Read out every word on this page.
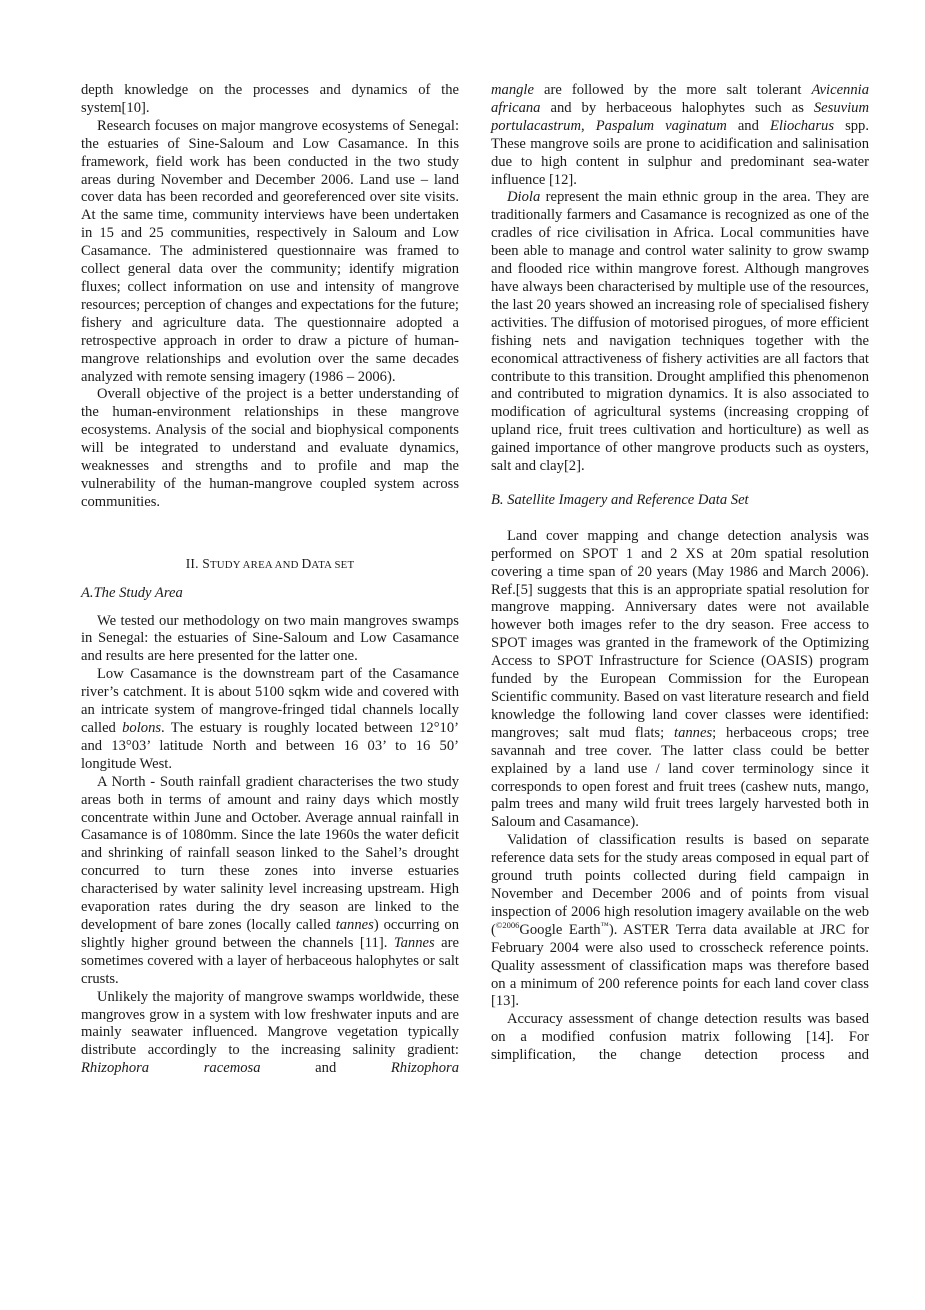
depth knowledge on the processes and dynamics of the system[10].

Research focuses on major mangrove ecosystems of Senegal: the estuaries of Sine-Saloum and Low Casamance. In this framework, field work has been conducted in the two study areas during November and December 2006. Land use – land cover data has been recorded and georeferenced over site visits. At the same time, community interviews have been undertaken in 15 and 25 communities, respectively in Saloum and Low Casamance. The administered questionnaire was framed to collect general data over the community; identify migration fluxes; collect information on use and intensity of mangrove resources; perception of changes and expectations for the future; fishery and agriculture data. The questionnaire adopted a retrospective approach in order to draw a picture of human-mangrove relationships and evolution over the same decades analyzed with remote sensing imagery (1986 – 2006).

Overall objective of the project is a better understanding of the human-environment relationships in these mangrove ecosystems. Analysis of the social and biophysical components will be integrated to understand and evaluate dynamics, weaknesses and strengths and to profile and map the vulnerability of the human-mangrove coupled system across communities.

II. STUDY AREA AND DATA SET

A.The Study Area

We tested our methodology on two main mangroves swamps in Senegal: the estuaries of Sine-Saloum and Low Casamance and results are here presented for the latter one.

Low Casamance is the downstream part of the Casamance river’s catchment. It is about 5100 sqkm wide and covered with an intricate system of mangrove-fringed tidal channels locally called bolons. The estuary is roughly located between 12°10’ and 13°03’ latitude North and between 16 03’ to 16 50’ longitude West.

A North - South rainfall gradient characterises the two study areas both in terms of amount and rainy days which mostly concentrate within June and October. Average annual rainfall in Casamance is of 1080mm. Since the late 1960s the water deficit and shrinking of rainfall season linked to the Sahel’s drought concurred to turn these zones into inverse estuaries characterised by water salinity level increasing upstream. High evaporation rates during the dry season are linked to the development of bare zones (locally called tannes) occurring on slightly higher ground between the channels [11]. Tannes are sometimes covered with a layer of herbaceous halophytes or salt crusts.

Unlikely the majority of mangrove swamps worldwide, these mangroves grow in a system with low freshwater inputs and are mainly seawater influenced. Mangrove vegetation typically distribute accordingly to the increasing salinity gradient: Rhizophora racemosa and Rhizophora

mangle are followed by the more salt tolerant Avicennia africana and by herbaceous halophytes such as Sesuvium portulacastrum, Paspalum vaginatum and Eliocharus spp. These mangrove soils are prone to acidification and salinisation due to high content in sulphur and predominant sea-water influence [12].

Diola represent the main ethnic group in the area. They are traditionally farmers and Casamance is recognized as one of the cradles of rice civilisation in Africa. Local communities have been able to manage and control water salinity to grow swamp and flooded rice within mangrove forest. Although mangroves have always been characterised by multiple use of the resources, the last 20 years showed an increasing role of specialised fishery activities. The diffusion of motorised pirogues, of more efficient fishing nets and navigation techniques together with the economical attractiveness of fishery activities are all factors that contribute to this transition. Drought amplified this phenomenon and contributed to migration dynamics. It is also associated to modification of agricultural systems (increasing cropping of upland rice, fruit trees cultivation and horticulture) as well as gained importance of other mangrove products such as oysters, salt and clay[2].

B. Satellite Imagery and Reference Data Set

Land cover mapping and change detection analysis was performed on SPOT 1 and 2 XS at 20m spatial resolution covering a time span of 20 years (May 1986 and March 2006). Ref.[5] suggests that this is an appropriate spatial resolution for mangrove mapping. Anniversary dates were not available however both images refer to the dry season. Free access to SPOT images was granted in the framework of the Optimizing Access to SPOT Infrastructure for Science (OASIS) program funded by the European Commission for the European Scientific community. Based on vast literature research and field knowledge the following land cover classes were identified: mangroves; salt mud flats; tannes; herbaceous crops; tree savannah and tree cover. The latter class could be better explained by a land use / land cover terminology since it corresponds to open forest and fruit trees (cashew nuts, mango, palm trees and many wild fruit trees largely harvested both in Saloum and Casamance).

Validation of classification results is based on separate reference data sets for the study areas composed in equal part of ground truth points collected during field campaign in November and December 2006 and of points from visual inspection of 2006 high resolution imagery available on the web ($^{©2006}$Google Earth™). ASTER Terra data available at JRC for February 2004 were also used to crosscheck reference points. Quality assessment of classification maps was therefore based on a minimum of 200 reference points for each land cover class [13].

Accuracy assessment of change detection results was based on a modified confusion matrix following [14]. For simplification, the change detection process and
